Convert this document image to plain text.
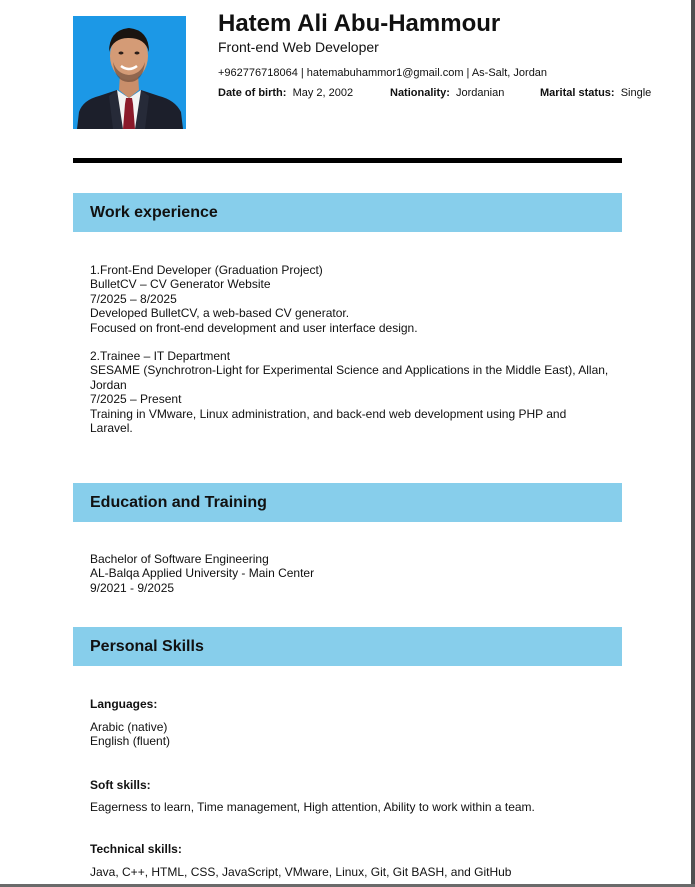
Hatem Ali Abu-Hammour
Front-end Web Developer
+962776718064 | hatemabuhammor1@gmail.com | As-Salt, Jordan
Date of birth: May 2, 2002	Nationality: Jordanian	Marital status: Single
Work experience
1.Front-End Developer (Graduation Project)
BulletCV – CV Generator Website
7/2025 – 8/2025
Developed BulletCV, a web-based CV generator.
Focused on front-end development and user interface design.
2.Trainee – IT Department
SESAME (Synchrotron-Light for Experimental Science and Applications in the Middle East), Allan, Jordan
7/2025 – Present
Training in VMware, Linux administration, and back-end web development using PHP and Laravel.
Education and Training
Bachelor of Software Engineering
AL-Balqa Applied University - Main Center
9/2021 - 9/2025
Personal Skills
Languages:
Arabic (native)
English (fluent)
Soft skills:
Eagerness to learn, Time management, High attention, Ability to work within a team.
Technical skills:
Java, C++, HTML, CSS, JavaScript, VMware, Linux, Git, Git BASH, and GitHub
